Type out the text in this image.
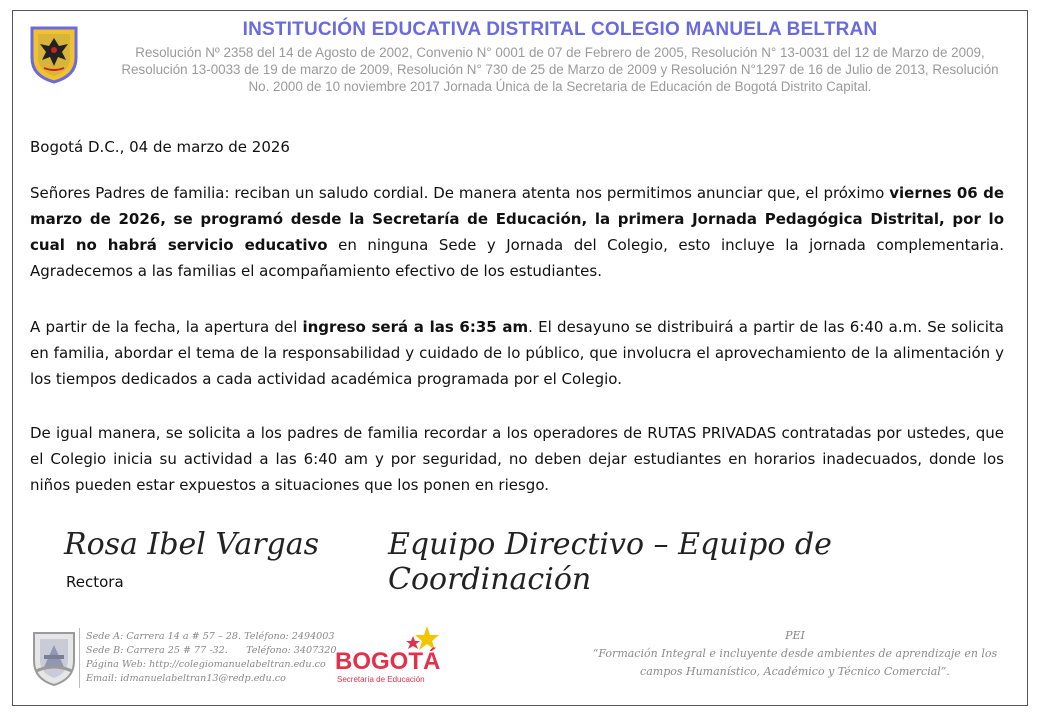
INSTITUCIÓN EDUCATIVA DISTRITAL COLEGIO MANUELA BELTRAN
Resolución Nº 2358 del 14 de Agosto de 2002, Convenio N° 0001 de 07 de Febrero de 2005, Resolución N° 13-0031 del 12 de Marzo de 2009, Resolución 13-0033 de 19 de marzo de 2009, Resolución N° 730 de 25 de Marzo de 2009 y Resolución N°1297 de 16 de Julio de 2013, Resolución No. 2000 de 10 noviembre 2017 Jornada Única de la Secretaria de Educación de Bogotá Distrito Capital.
Bogotá D.C., 04 de marzo de 2026
Señores Padres de familia: reciban un saludo cordial. De manera atenta nos permitimos anunciar que, el próximo viernes 06 de marzo de 2026, se programó desde la Secretaría de Educación, la primera Jornada Pedagógica Distrital, por lo cual no habrá servicio educativo en ninguna Sede y Jornada del Colegio, esto incluye la jornada complementaria. Agradecemos a las familias el acompañamiento efectivo de los estudiantes.
A partir de la fecha, la apertura del ingreso será a las 6:35 am. El desayuno se distribuirá a partir de las 6:40 a.m. Se solicita en familia, abordar el tema de la responsabilidad y cuidado de lo público, que involucra el aprovechamiento de la alimentación y los tiempos dedicados a cada actividad académica programada por el Colegio.
De igual manera, se solicita a los padres de familia recordar a los operadores de RUTAS PRIVADAS contratadas por ustedes, que el Colegio inicia su actividad a las 6:40 am y por seguridad, no deben dejar estudiantes en horarios inadecuados, donde los niños pueden estar expuestos a situaciones que los ponen en riesgo.
Rosa Ibel Vargas Equipo Directivo – Equipo de Coordinación
Rectora
Sede A: Carrera 14 a # 57 – 28. Teléfono: 2494003
Sede B: Carrera 25 # 77 -32.      Teléfono: 3407320
Página Web: http://colegiomanuelabeltran.edu.co
Email: idmanuelabeltran13@redp.edu.co
BOGOTÁ
Secretaría de Educación
PEI
“Formación Integral e incluyente desde ambientes de aprendizaje en los campos Humanístico, Académico y Técnico Comercial”.
